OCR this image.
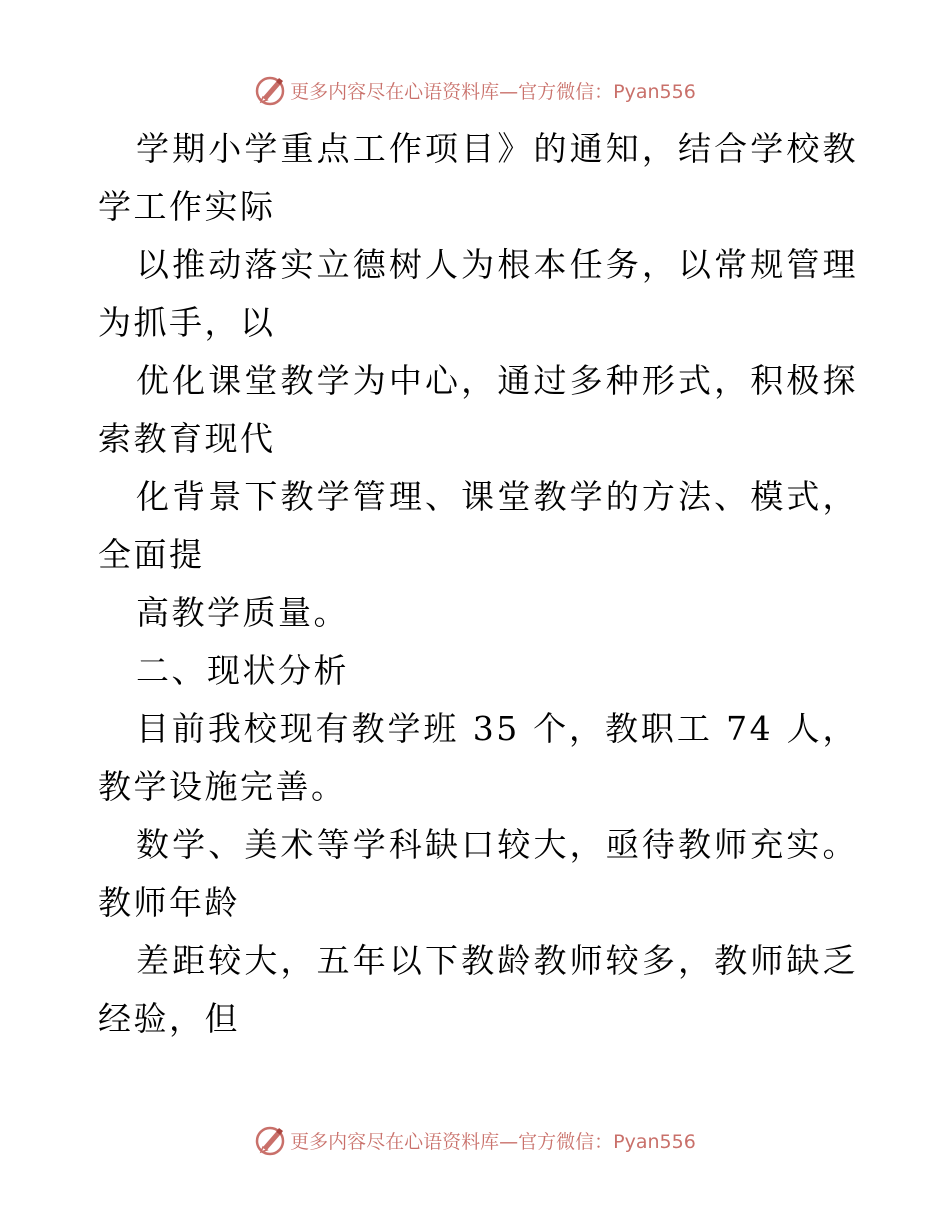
更多内容尽在心语资料库—官方微信：Pyan556

学期小学重点工作项目》的通知，结合学校教学工作实际

以推动落实立德树人为根本任务，以常规管理为抓手，以

优化课堂教学为中心，通过多种形式，积极探索教育现代

化背景下教学管理、课堂教学的方法、模式，全面提

高教学质量。

二、现状分析

目前我校现有教学班 35 个，教职工 74 人，教学设施完善。

数学、美术等学科缺口较大，亟待教师充实。教师年龄

差距较大，五年以下教龄教师较多，教师缺乏经验，但

更多内容尽在心语资料库—官方微信：Pyan556
